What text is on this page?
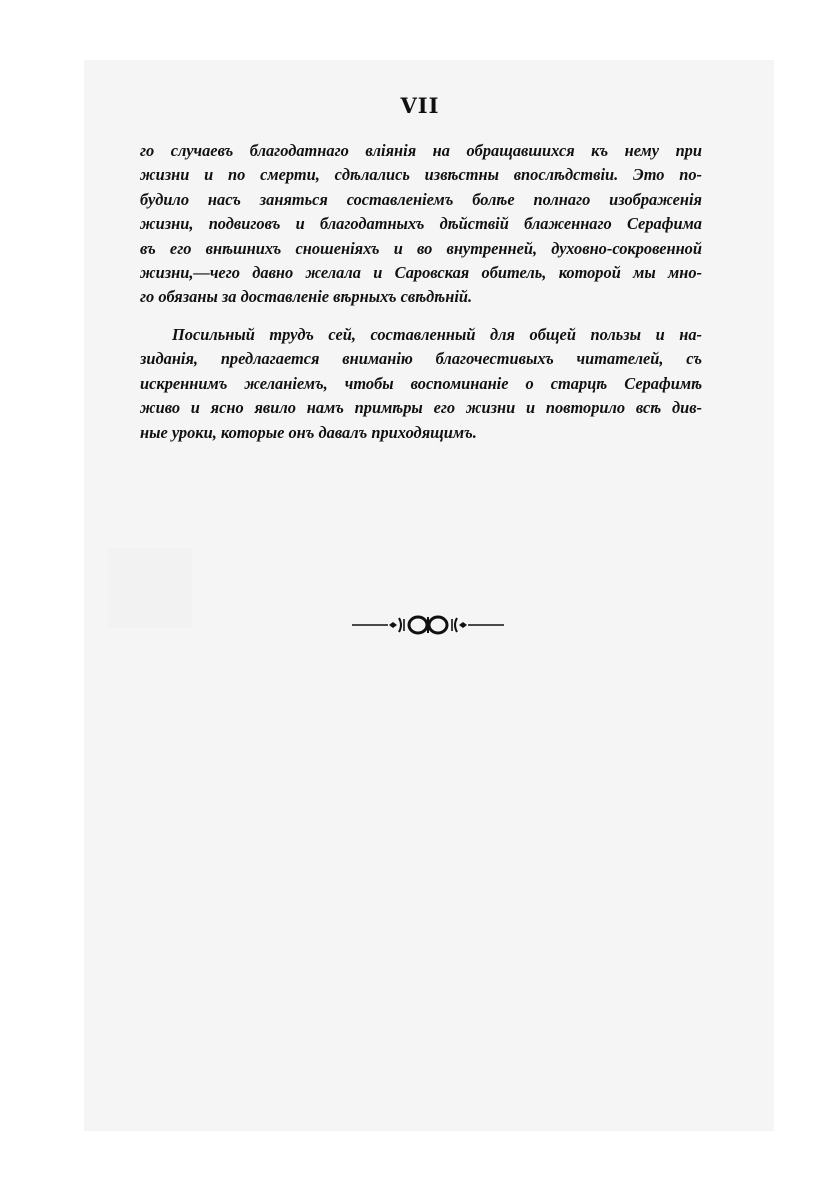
VII
го случаевъ благодатнаго вліянія на обращавшихся къ нему при
жизни и по смерти, сдѣлались извѣстны впослѣдствіи. Это по-
будило насъ заняться составленіемъ болѣе полнаго изображенія
жизни, подвиговъ и благодатныхъ дѣйствій блаженнаго Серафима
въ его внѣшнихъ сношеніяхъ и во внутренней, духовно-сокровенной
жизни,—чего давно желала и Саровская обитель, которой мы мно-
го обязаны за доставленіе вѣрныхъ свѣдѣній.
Посильный трудъ сей, составленный для общей пользы и на-
зиданія, предлагается вниманію благочестивыхъ читателей, съ
искреннимъ желаніемъ, чтобы воспоминаніе о старцѣ Серафимѣ
живо и ясно явило намъ примѣры его жизни и повторило всѣ див-
ные уроки, которые онъ давалъ приходящимъ.
